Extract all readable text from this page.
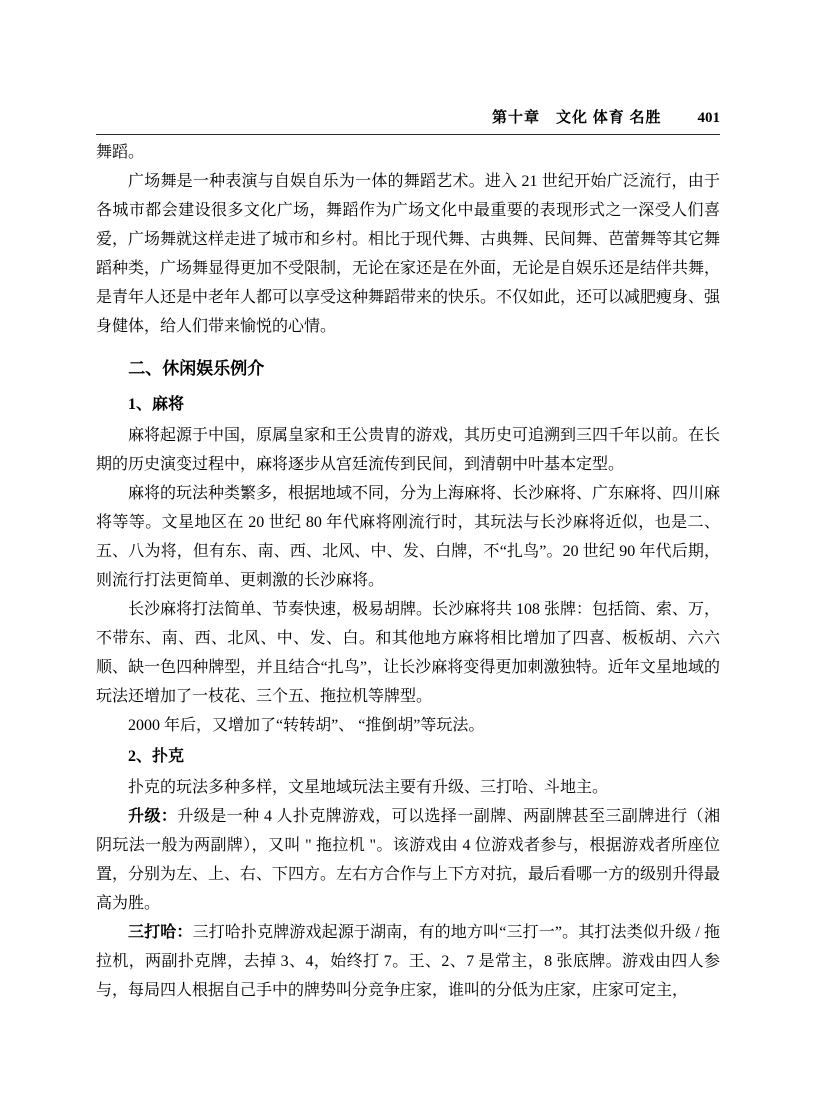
第十章　文化 体育 名胜 401

舞蹈。

广场舞是一种表演与自娱自乐为一体的舞蹈艺术。进入 21 世纪开始广泛流行，由于各城市都会建设很多文化广场，舞蹈作为广场文化中最重要的表现形式之一深受人们喜爱，广场舞就这样走进了城市和乡村。相比于现代舞、古典舞、民间舞、芭蕾舞等其它舞蹈种类，广场舞显得更加不受限制，无论在家还是在外面，无论是自娱乐还是结伴共舞，是青年人还是中老年人都可以享受这种舞蹈带来的快乐。不仅如此，还可以减肥瘦身、强身健体，给人们带来愉悦的心情。

二、休闲娱乐例介
1、麻将

麻将起源于中国，原属皇家和王公贵胄的游戏，其历史可追溯到三四千年以前。在长期的历史演变过程中，麻将逐步从宫廷流传到民间，到清朝中叶基本定型。

麻将的玩法种类繁多，根据地域不同，分为上海麻将、长沙麻将、广东麻将、四川麻将等等。文星地区在 20 世纪 80 年代麻将刚流行时，其玩法与长沙麻将近似，也是二、五、八为将，但有东、南、西、北风、中、发、白牌，不“扎鸟”。20 世纪 90 年代后期，则流行打法更简单、更刺激的长沙麻将。

长沙麻将打法简单、节奏快速，极易胡牌。长沙麻将共 108 张牌：包括筒、索、万，不带东、南、西、北风、中、发、白。和其他地方麻将相比增加了四喜、板板胡、六六顺、缺一色四种牌型，并且结合“扎鸟”，让长沙麻将变得更加刺激独特。近年文星地域的玩法还增加了一枝花、三个五、拖拉机等牌型。

2000 年后，又增加了“转转胡”、 “推倒胡”等玩法。

2、扑克

扑克的玩法多种多样，文星地域玩法主要有升级、三打哈、斗地主。

升级：升级是一种 4 人扑克牌游戏，可以选择一副牌、两副牌甚至三副牌进行（湘阴玩法一般为两副牌），又叫 " 拖拉机 "。该游戏由 4 位游戏者参与，根据游戏者所座位置，分别为左、上、右、下四方。左右方合作与上下方对抗，最后看哪一方的级别升得最高为胜。

三打哈：三打哈扑克牌游戏起源于湖南，有的地方叫“三打一”。其打法类似升级 / 拖拉机，两副扑克牌，去掉 3、4，始终打 7。王、2、7 是常主，8 张底牌。游戏由四人参与，每局四人根据自己手中的牌势叫分竞争庄家，谁叫的分低为庄家，庄家可定主，
